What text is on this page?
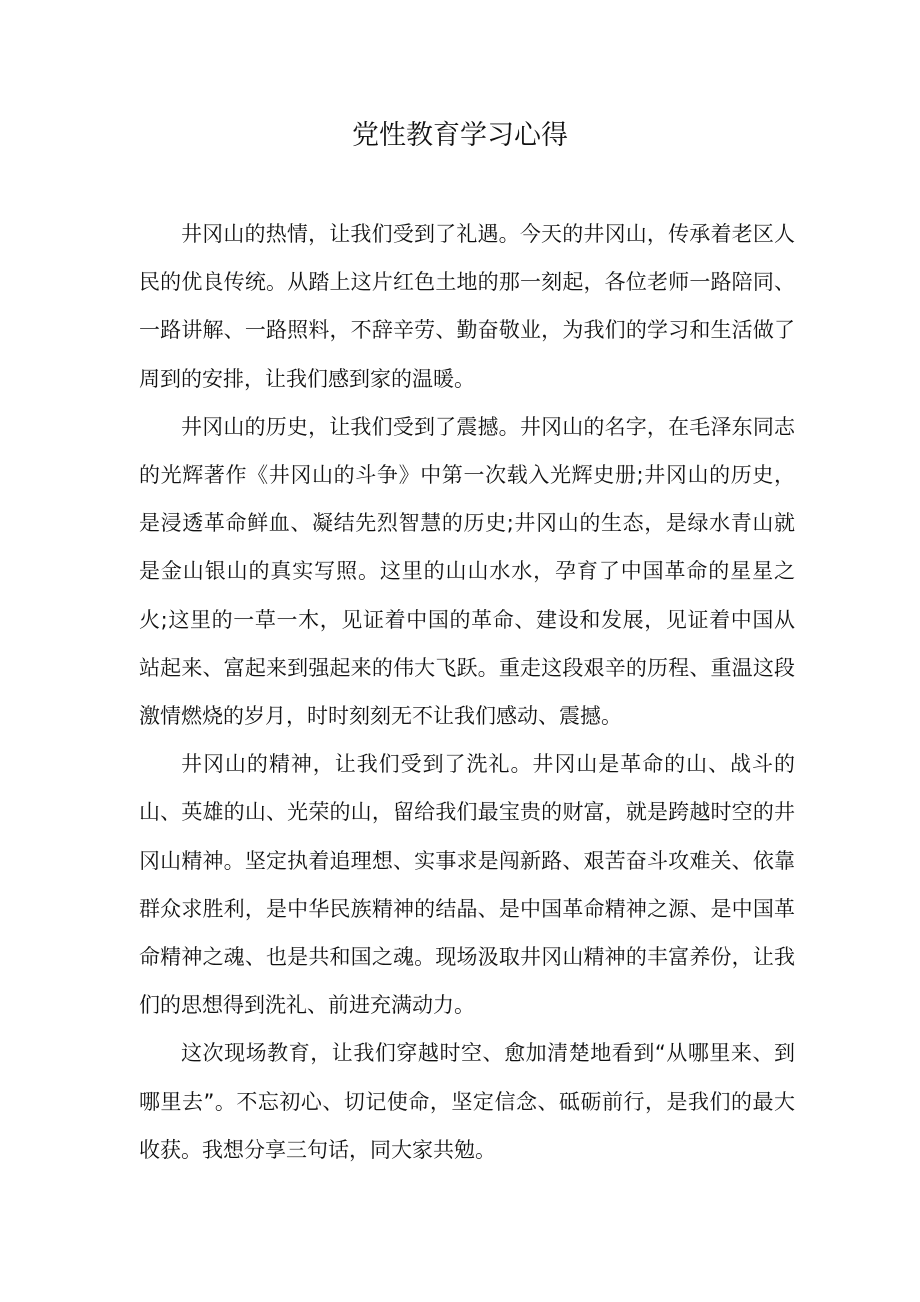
党性教育学习心得

井冈山的热情，让我们受到了礼遇。今天的井冈山，传承着老区人民的优良传统。从踏上这片红色土地的那一刻起，各位老师一路陪同、一路讲解、一路照料，不辞辛劳、勤奋敬业，为我们的学习和生活做了周到的安排，让我们感到家的温暖。

井冈山的历史，让我们受到了震撼。井冈山的名字，在毛泽东同志的光辉著作《井冈山的斗争》中第一次载入光辉史册;井冈山的历史，是浸透革命鲜血、凝结先烈智慧的历史;井冈山的生态，是绿水青山就是金山银山的真实写照。这里的山山水水，孕育了中国革命的星星之火;这里的一草一木，见证着中国的革命、建设和发展，见证着中国从站起来、富起来到强起来的伟大飞跃。重走这段艰辛的历程、重温这段激情燃烧的岁月，时时刻刻无不让我们感动、震撼。

井冈山的精神，让我们受到了洗礼。井冈山是革命的山、战斗的山、英雄的山、光荣的山，留给我们最宝贵的财富，就是跨越时空的井冈山精神。坚定执着追理想、实事求是闯新路、艰苦奋斗攻难关、依靠群众求胜利，是中华民族精神的结晶、是中国革命精神之源、是中国革命精神之魂、也是共和国之魂。现场汲取井冈山精神的丰富养份，让我们的思想得到洗礼、前进充满动力。

这次现场教育，让我们穿越时空、愈加清楚地看到“从哪里来、到哪里去”。不忘初心、切记使命，坚定信念、砥砺前行，是我们的最大收获。我想分享三句话，同大家共勉。
